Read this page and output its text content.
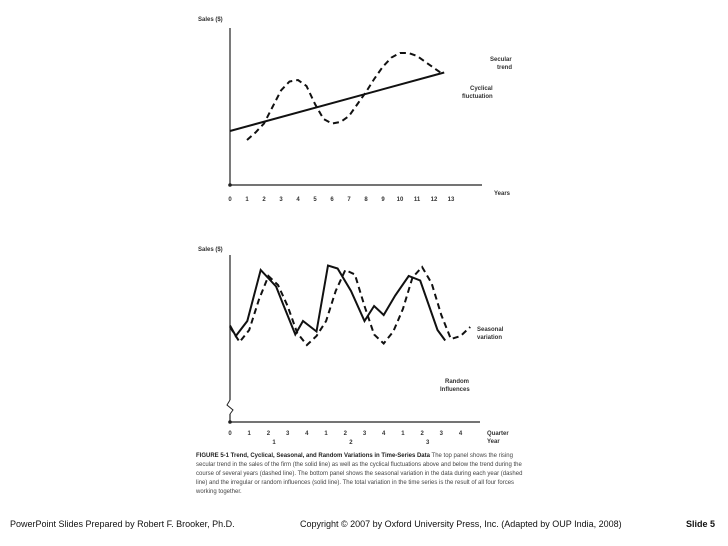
Sales ($)
Years
0 1 2 3 4 5 6 7 8 9 10 11 12 13
Secular
trend
Cyclical
fluctuation
Sales ($)
Quarter
Year
0	1	2	3	4	1	2	3	4	1	2	3	4
1	2	3
Seasonal
variation
Random
Influences
FIGURE 5-1 Trend, Cyclical, Seasonal, and Random Variations in Time-Series Data The top panel shows the rising secular trend in the sales of the firm (the solid line) as well as the cyclical fluctuations above and below the trend during the course of several years (dashed line). The bottom panel shows the seasonal variation in the data during each year (dashed line) and the irregular or random influences (solid line). The total variation in the time series is the result of all four forces working together.
PowerPoint Slides Prepared by Robert F. Brooker, Ph.D.	Copyright © 2007 by Oxford University Press, Inc. (Adapted by OUP India, 2008)	Slide 5
